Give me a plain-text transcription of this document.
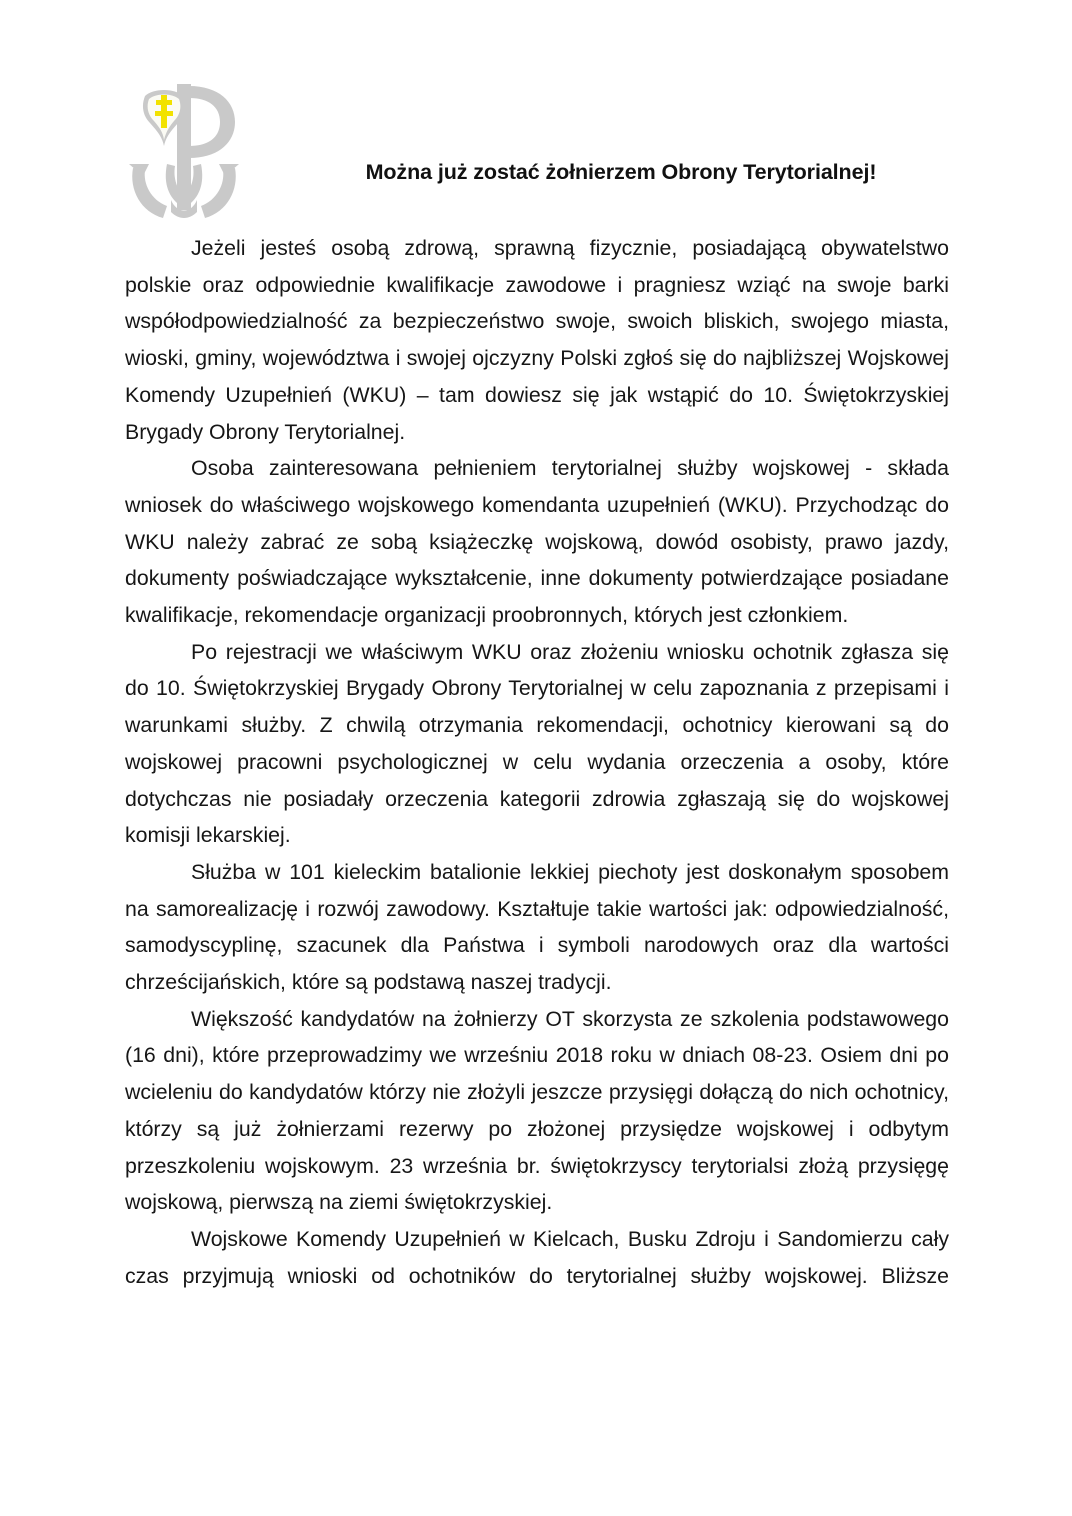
Można już zostać żołnierzem Obrony Terytorialnej!

Jeżeli jesteś osobą zdrową, sprawną fizycznie, posiadającą obywatelstwo polskie oraz odpowiednie kwalifikacje zawodowe i pragniesz wziąć na swoje barki współodpowiedzialność za bezpieczeństwo swoje, swoich bliskich, swojego miasta, wioski, gminy, województwa i swojej ojczyzny Polski zgłoś się do najbliższej Wojskowej Komendy Uzupełnień (WKU) – tam dowiesz się jak wstąpić do 10. Świętokrzyskiej Brygady Obrony Terytorialnej.

Osoba zainteresowana pełnieniem terytorialnej służby wojskowej - składa wniosek do właściwego wojskowego komendanta uzupełnień (WKU). Przychodząc do WKU należy zabrać ze sobą książeczkę wojskową, dowód osobisty, prawo jazdy, dokumenty poświadczające wykształcenie, inne dokumenty potwierdzające posiadane kwalifikacje, rekomendacje organizacji proobronnych, których jest członkiem.

Po rejestracji we właściwym WKU oraz złożeniu wniosku ochotnik zgłasza się do 10. Świętokrzyskiej Brygady Obrony Terytorialnej w celu zapoznania z przepisami i warunkami służby. Z chwilą otrzymania rekomendacji, ochotnicy kierowani są do wojskowej pracowni psychologicznej w celu wydania orzeczenia a osoby, które dotychczas nie posiadały orzeczenia kategorii zdrowia zgłaszają się do wojskowej komisji lekarskiej.

Służba w 101 kieleckim batalionie lekkiej piechoty jest doskonałym sposobem na samorealizację i rozwój zawodowy. Kształtuje takie wartości jak: odpowiedzialność, samodyscyplinę, szacunek dla Państwa i symboli narodowych oraz dla wartości chrześcijańskich, które są podstawą naszej tradycji.

Większość kandydatów na żołnierzy OT skorzysta ze szkolenia podstawowego (16 dni), które przeprowadzimy we wrześniu 2018 roku w dniach 08-23. Osiem dni po wcieleniu do kandydatów którzy nie złożyli jeszcze przysięgi dołączą do nich ochotnicy, którzy są już żołnierzami rezerwy po złożonej przysiędze wojskowej i odbytym przeszkoleniu wojskowym. 23 września br. świętokrzyscy terytorialsi złożą przysięgę wojskową, pierwszą na ziemi świętokrzyskiej.

Wojskowe Komendy Uzupełnień w Kielcach, Busku Zdroju i Sandomierzu cały czas przyjmują wnioski od ochotników do terytorialnej służby wojskowej. Bliższe
